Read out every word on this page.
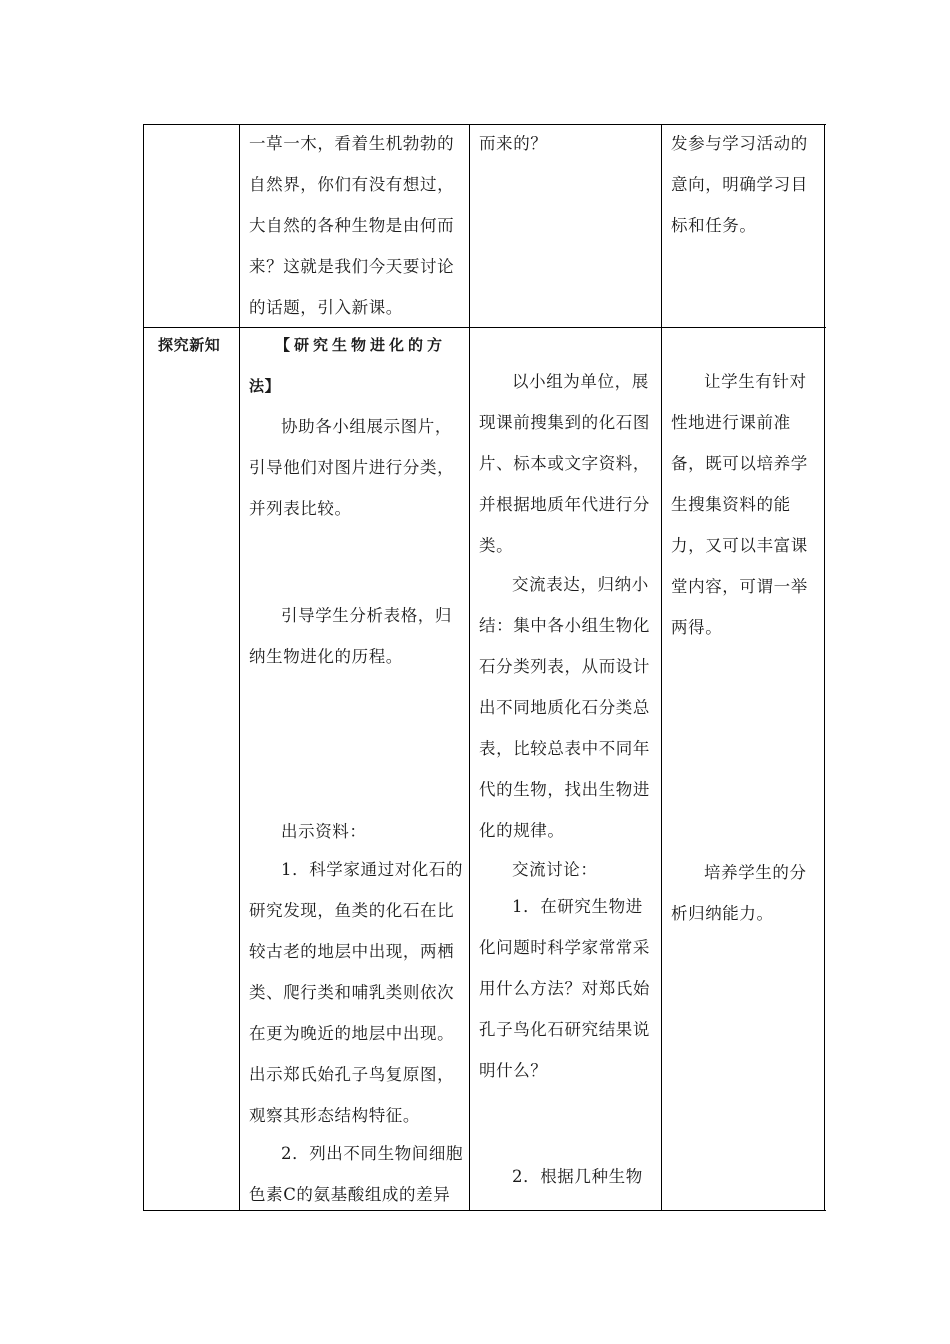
一草一木，看着生机勃勃的
自然界，你们有没有想过，
大自然的各种生物是由何而
来？这就是我们今天要讨论
的话题，引入新课。
而来的？	发参与学习活动的
意向，明确学习目
标和任务。
探究新知	【研究生物进化的方
法】
协助各小组展示图片，
引导他们对图片进行分类，
并列表比较。
引导学生分析表格，归
纳生物进化的历程。
出示资料：
1．科学家通过对化石的
研究发现，鱼类的化石在比
较古老的地层中出现，两栖
类、爬行类和哺乳类则依次
在更为晚近的地层中出现。
出示郑氏始孔子鸟复原图，
观察其形态结构特征。
2．列出不同生物间细胞
色素C的氨基酸组成的差异
以小组为单位，展
现课前搜集到的化石图
片、标本或文字资料，
并根据地质年代进行分
类。
交流表达，归纳小
结：集中各小组生物化
石分类列表，从而设计
出不同地质化石分类总
表，比较总表中不同年
代的生物，找出生物进
化的规律。
交流讨论：
1．在研究生物进
化问题时科学家常常采
用什么方法？对郑氏始
孔子鸟化石研究结果说
明什么？
2．根据几种生物
让学生有针对
性地进行课前准
备，既可以培养学
生搜集资料的能
力，又可以丰富课
堂内容，可谓一举
两得。
培养学生的分
析归纳能力。
